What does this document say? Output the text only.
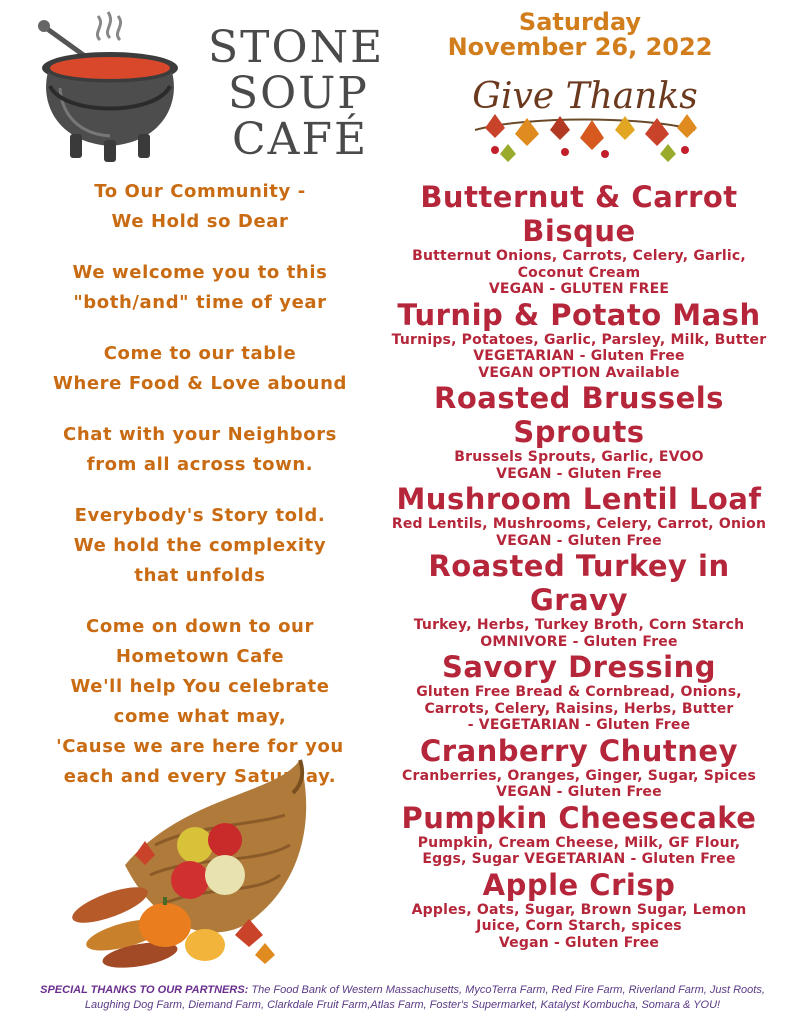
STONE
SOUP
CAFÉ
Saturday
November 26, 2022
Give Thanks
To Our Community -
We Hold so Dear
We welcome you to this
"both/and" time of year
Come to our table
Where Food & Love abound
Chat with your Neighbors
from all across town.
Everybody's Story told.
We hold the complexity
that unfolds
Come on down to our
Hometown Cafe
We'll help You celebrate
come what may,
'Cause we are here for you
each and every Saturday.
Butternut & Carrot
Bisque
Butternut Onions, Carrots, Celery, Garlic,
Coconut Cream
VEGAN - GLUTEN FREE
Turnip & Potato Mash
Turnips, Potatoes, Garlic, Parsley, Milk, Butter
VEGETARIAN - Gluten Free
VEGAN OPTION Available
Roasted Brussels
Sprouts
Brussels Sprouts, Garlic, EVOO
VEGAN - Gluten Free
Mushroom Lentil Loaf
Red Lentils, Mushrooms, Celery, Carrot, Onion
VEGAN - Gluten Free
Roasted Turkey in
Gravy
Turkey, Herbs, Turkey Broth, Corn Starch
OMNIVORE - Gluten Free
Savory Dressing
Gluten Free Bread & Cornbread, Onions,
Carrots, Celery, Raisins, Herbs, Butter
- VEGETARIAN - Gluten Free
Cranberry Chutney
Cranberries, Oranges, Ginger, Sugar, Spices
VEGAN - Gluten Free
Pumpkin Cheesecake
Pumpkin, Cream Cheese, Milk, GF Flour,
Eggs, Sugar VEGETARIAN - Gluten Free
Apple Crisp
Apples, Oats, Sugar, Brown Sugar, Lemon
Juice, Corn Starch, spices
Vegan - Gluten Free
SPECIAL THANKS TO OUR PARTNERS: The Food Bank of Western Massachusetts, MycoTerra Farm, Red Fire Farm, Riverland Farm, Just Roots, Laughing Dog Farm, Diemand Farm, Clarkdale Fruit Farm,Atlas Farm, Foster's Supermarket, Katalyst Kombucha, Somara & YOU!
